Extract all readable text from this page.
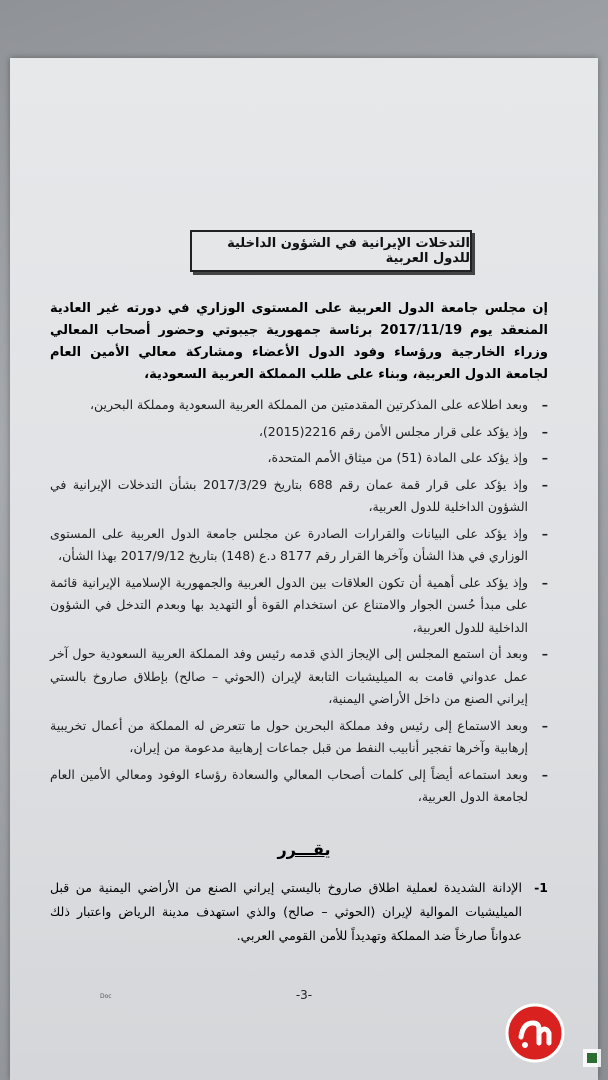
التدخلات الإيرانية في الشؤون الداخلية للدول العربية
إن مجلس جامعة الدول العربية على المستوى الوزاري في دورته غير العادية المنعقد يوم 2017/11/19 برئاسة جمهورية جيبوتي وحضور أصحاب المعالي وزراء الخارجية ورؤساء وفود الدول الأعضاء ومشاركة معالي الأمين العام لجامعة الدول العربية، وبناء على طلب المملكة العربية السعودية،
–
وبعد اطلاعه على المذكرتين المقدمتين من المملكة العربية السعودية ومملكة البحرين،
–
وإذ يؤكد على قرار مجلس الأمن رقم 2216(2015)،
–
وإذ يؤكد على المادة (51) من ميثاق الأمم المتحدة،
–
وإذ يؤكد على قرار قمة عمان رقم 688 بتاريخ 2017/3/29 بشأن التدخلات الإيرانية في الشؤون الداخلية للدول العربية،
–
وإذ يؤكد على البيانات والقرارات الصادرة عن مجلس جامعة الدول العربية على المستوى الوزاري في هذا الشأن وآخرها القرار رقم 8177 د.ع (148) بتاريخ 2017/9/12 بهذا الشأن،
–
وإذ يؤكد على أهمية أن تكون العلاقات بين الدول العربية والجمهورية الإسلامية الإيرانية قائمة على مبدأ حُسن الجوار والامتناع عن استخدام القوة أو التهديد بها وبعدم التدخل في الشؤون الداخلية للدول العربية،
–
وبعد أن استمع المجلس إلى الإيجاز الذي قدمه رئيس وفد المملكة العربية السعودية حول آخر عمل عدواني قامت به الميليشيات التابعة لإيران (الحوثي – صالح) بإطلاق صاروخ بالستي إيراني الصنع من داخل الأراضي اليمنية،
–
وبعد الاستماع إلى رئيس وفد مملكة البحرين حول ما تتعرض له المملكة من أعمال تخريبية إرهابية وآخرها تفجير أنابيب النفط من قبل جماعات إرهابية مدعومة من إيران،
–
وبعد استماعه أيضاً إلى كلمات أصحاب المعالي والسعادة رؤساء الوفود ومعالي الأمين العام لجامعة الدول العربية،
يقـــرر
1-
الإدانة الشديدة لعملية اطلاق صاروخ باليستي إيراني الصنع من الأراضي اليمنية من قبل الميليشيات الموالية لإيران (الحوثي – صالح) والذي استهدف مدينة الرياض واعتبار ذلك عدواناً صارخاً ضد المملكة وتهديداً للأمن القومي العربي.
Doc	-3-
